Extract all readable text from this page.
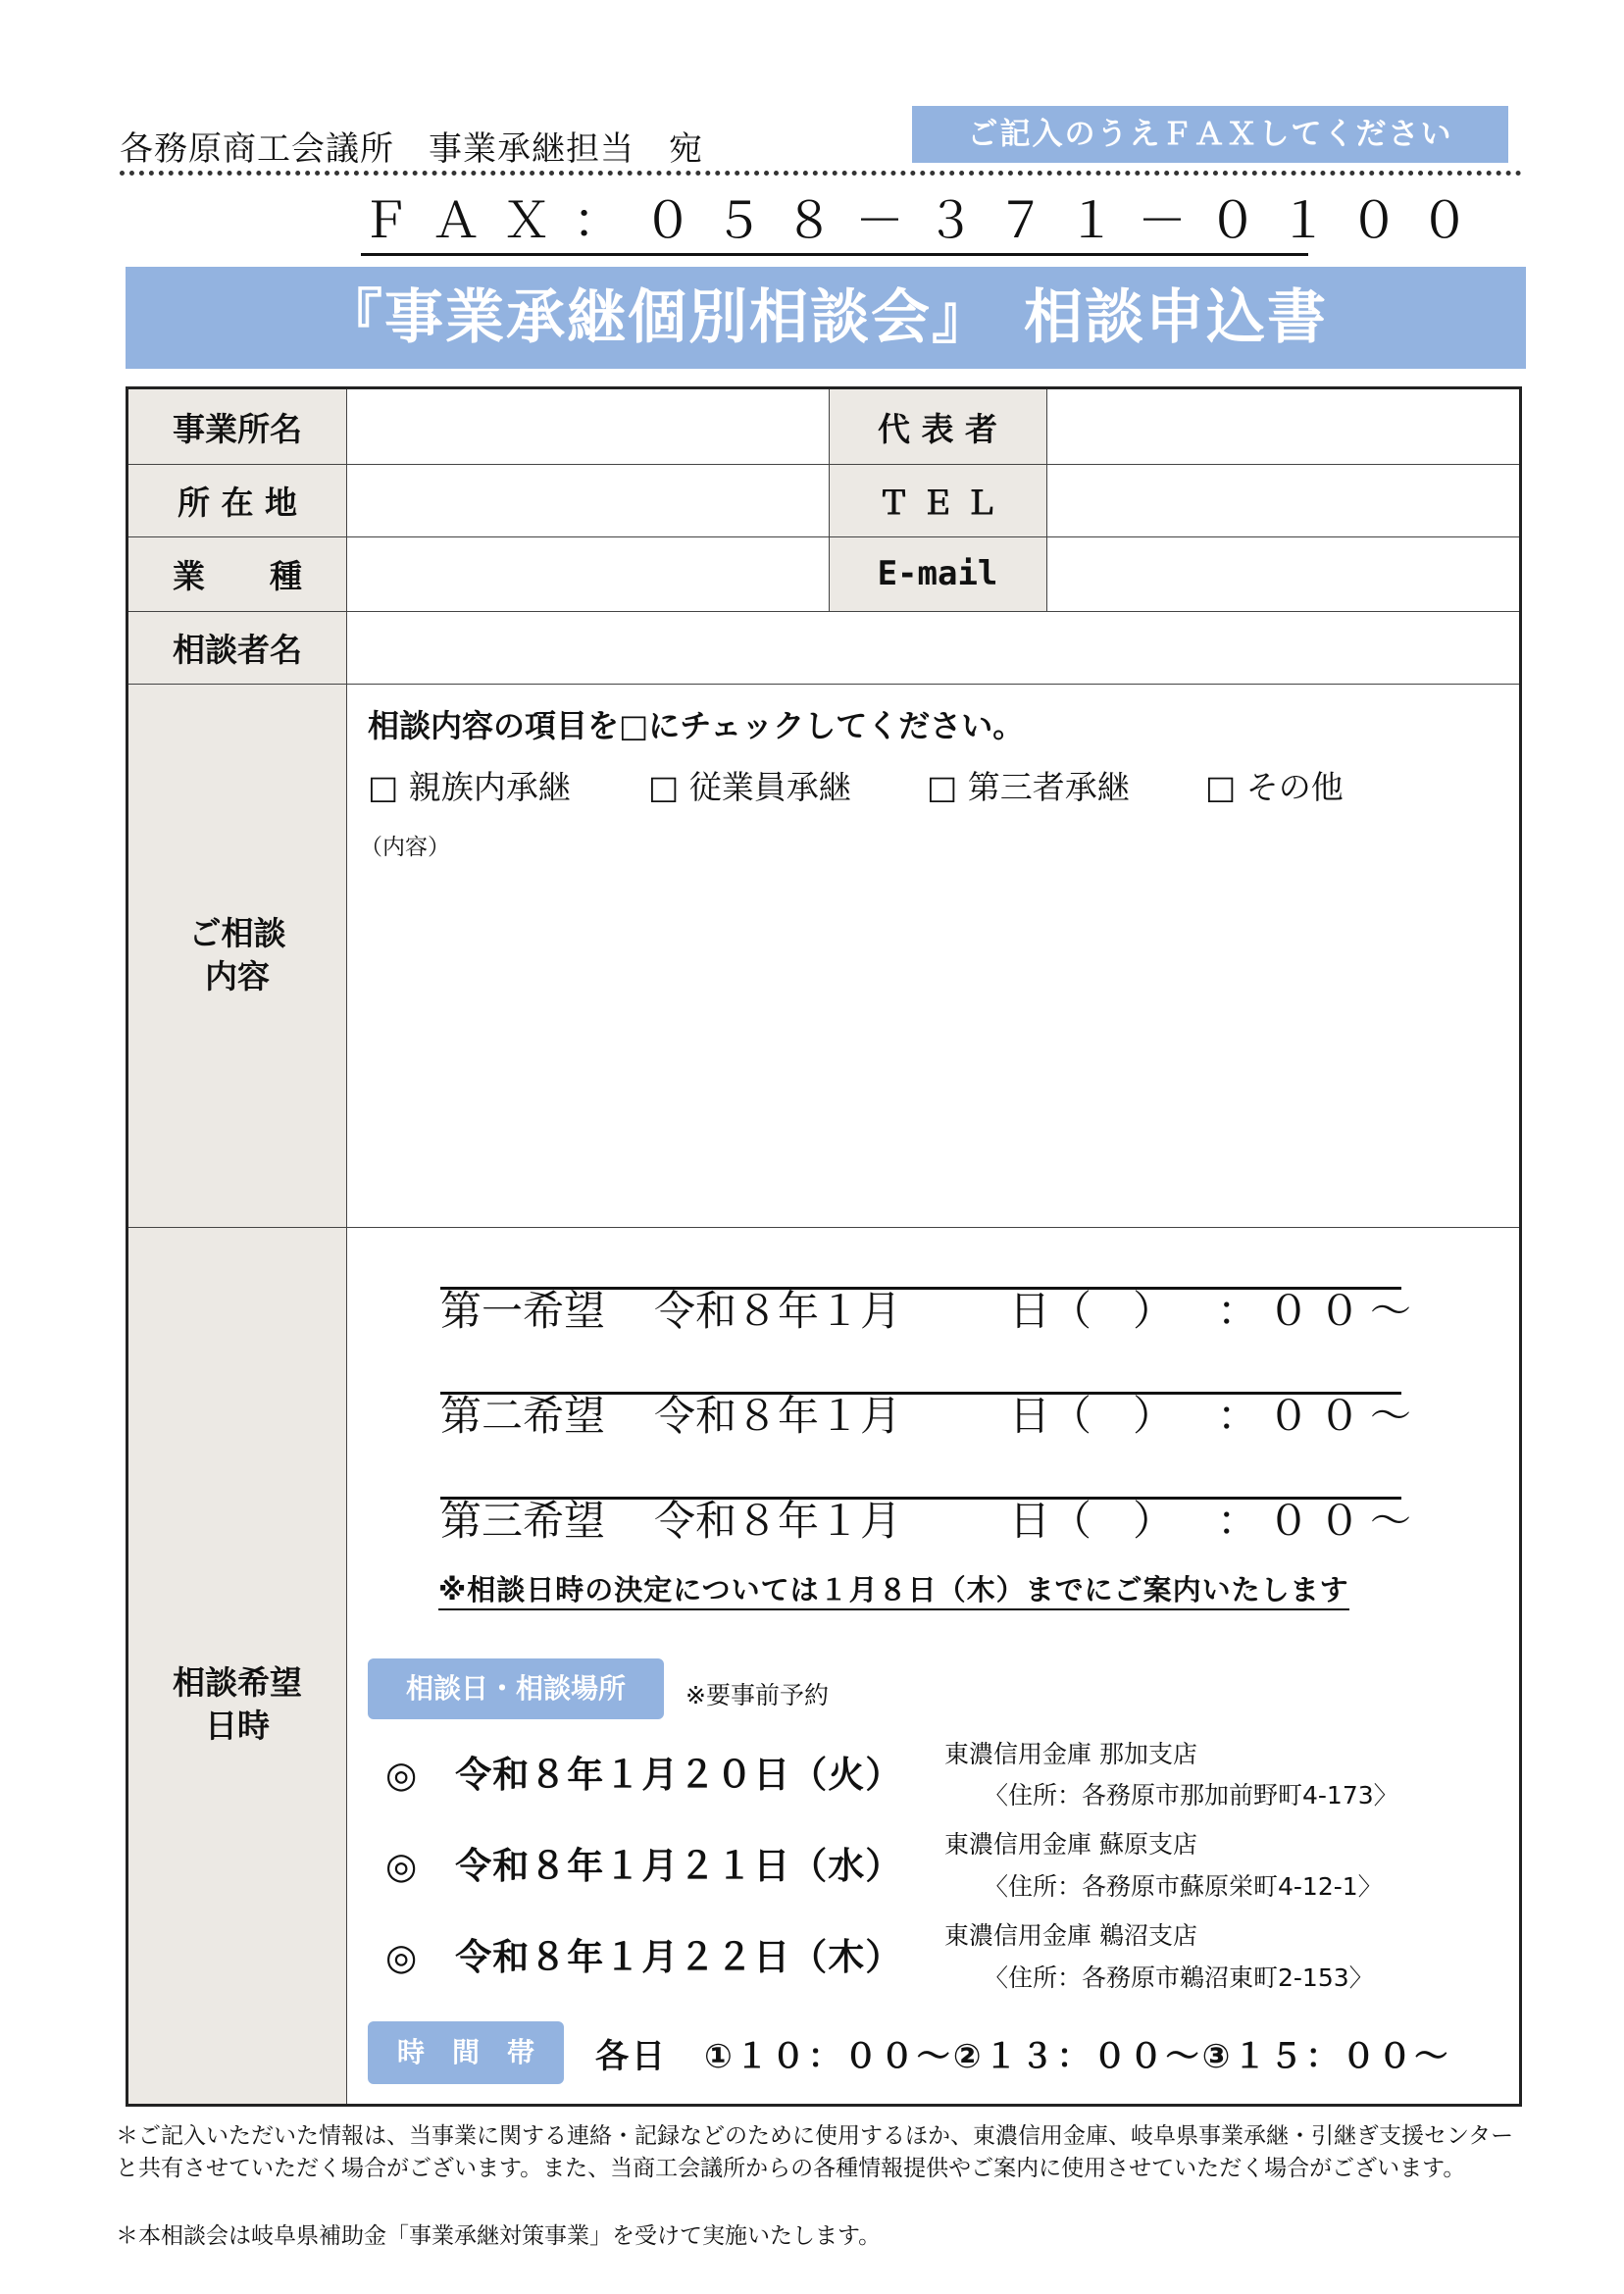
各務原商工会議所　事業承継担当　宛	ご記入のうえＦＡＸしてください
ＦＡＸ：０５８－３７１－０１００
『事業承継個別相談会』　相談申込書
事業所名	代 表 者
所 在 地	Ｔ Ｅ Ｌ
業　　種	E-mail
相談者名
ご相談
内容
相談希望
日時
相談内容の項目を□にチェックしてください。
□ 親族内承継 □ 従業員承継 □ 第三者承継 □ その他
（内容）
第一希望 令和８年１月	日（　） ：００～
第二希望 令和８年１月	日（　） ：００～
第三希望 令和８年１月	日（　） ：００～
※相談日時の決定については１月８日（木）までにご案内いたします
相談日・相談場所	※要事前予約
◎　 令和８年１月２０日（火） 東濃信用金庫 那加支店
〈住所：各務原市那加前野町4-173〉
◎　 令和８年１月２１日（水）
東濃信用金庫 蘇原支店
〈住所：各務原市蘇原栄町4-12-1〉
◎　 令和８年１月２２日（木）
東濃信用金庫 鵜沼支店
〈住所：各務原市鵜沼東町2-153〉
時　間　帯	各日　①１０：００～②１３：００～③１５：００～
＊ご記入いただいた情報は、当事業に関する連絡・記録などのために使用するほか、東濃信用金庫、岐阜県事業承継・引継ぎ支援センターと共有させていただく場合がございます。また、当商工会議所からの各種情報提供やご案内に使用させていただく場合がございます。
＊本相談会は岐阜県補助金「事業承継対策事業」を受けて実施いたします。
